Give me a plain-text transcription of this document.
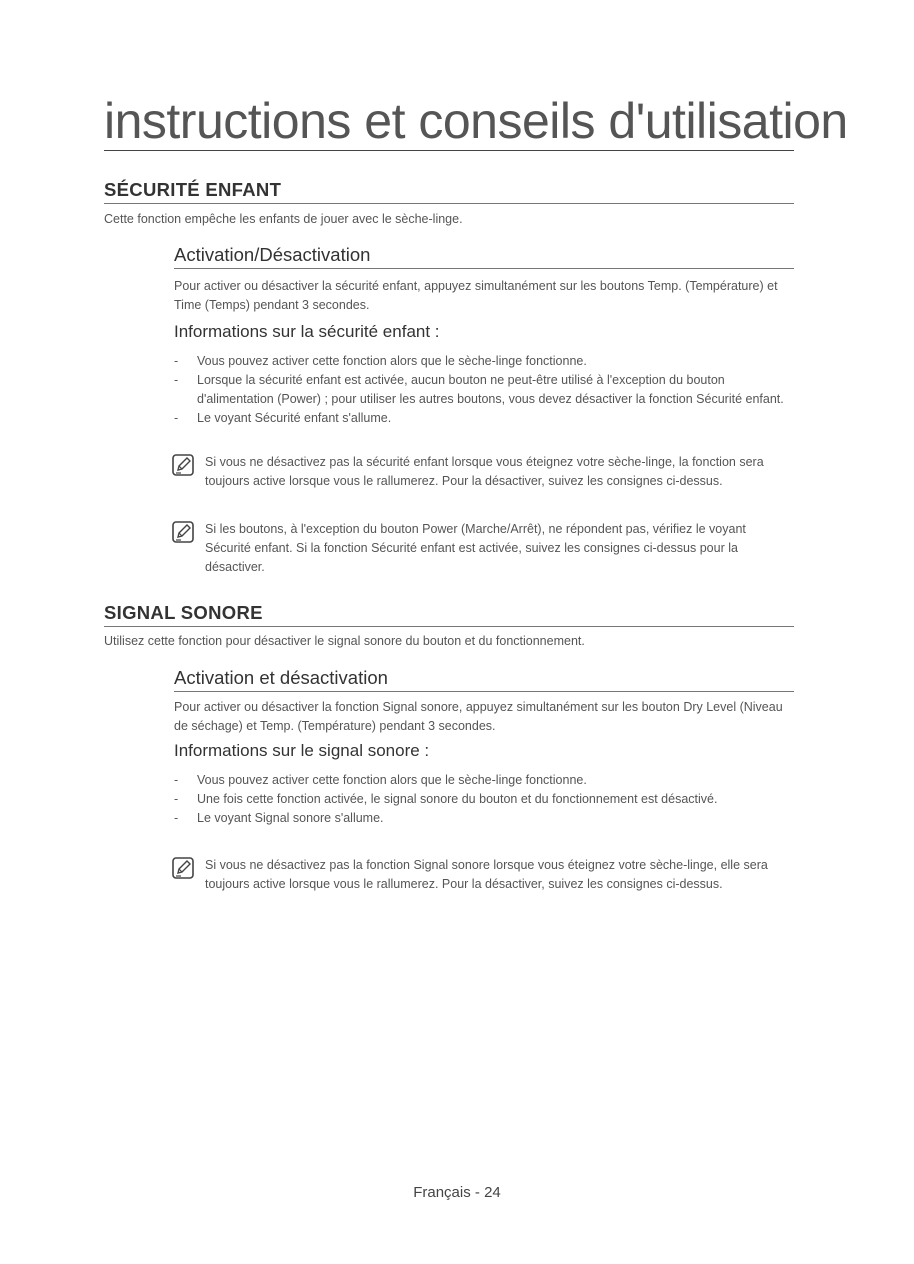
instructions et conseils d'utilisation
SÉCURITÉ ENFANT
Cette fonction empêche les enfants de jouer avec le sèche-linge.
Activation/Désactivation
Pour activer ou désactiver la sécurité enfant, appuyez simultanément sur les boutons Temp. (Température) et Time (Temps) pendant 3 secondes.
Informations sur la sécurité enfant :
- Vous pouvez activer cette fonction alors que le sèche-linge fonctionne.
- Lorsque la sécurité enfant est activée, aucun bouton ne peut-être utilisé à l'exception du bouton d'alimentation (Power) ; pour utiliser les autres boutons, vous devez désactiver la fonction Sécurité enfant.
- Le voyant Sécurité enfant s'allume.
Si vous ne désactivez pas la sécurité enfant lorsque vous éteignez votre sèche-linge, la fonction sera toujours active lorsque vous le rallumerez. Pour la désactiver, suivez les consignes ci-dessus.
Si les boutons, à l'exception du bouton Power (Marche/Arrêt), ne répondent pas, vérifiez le voyant Sécurité enfant. Si la fonction Sécurité enfant est activée, suivez les consignes ci-dessus pour la désactiver.
SIGNAL SONORE
Utilisez cette fonction pour désactiver le signal sonore du bouton et du fonctionnement.
Activation et désactivation
Pour activer ou désactiver la fonction Signal sonore, appuyez simultanément sur les bouton Dry Level (Niveau de séchage) et Temp. (Température) pendant 3 secondes.
Informations sur le signal sonore :
- Vous pouvez activer cette fonction alors que le sèche-linge fonctionne.
- Une fois cette fonction activée, le signal sonore du bouton et du fonctionnement est désactivé.
- Le voyant Signal sonore s'allume.
Si vous ne désactivez pas la fonction Signal sonore lorsque vous éteignez votre sèche-linge, elle sera toujours active lorsque vous le rallumerez. Pour la désactiver, suivez les consignes ci-dessus.
Français - 24
